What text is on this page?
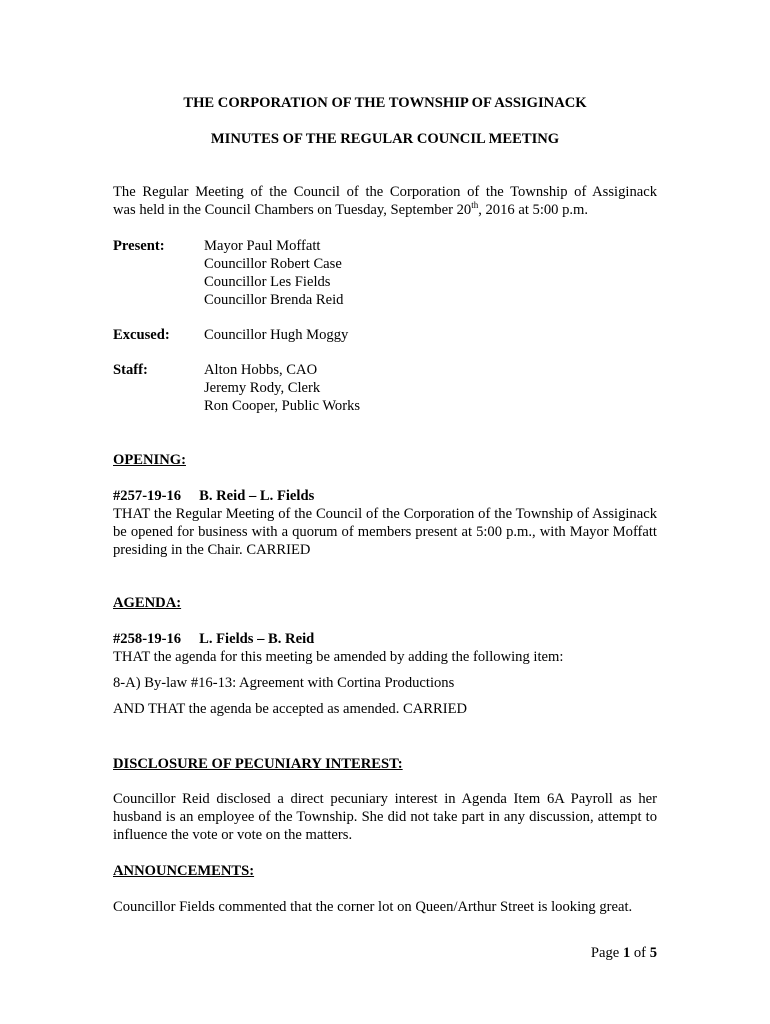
THE CORPORATION OF THE TOWNSHIP OF ASSIGINACK
MINUTES OF THE REGULAR COUNCIL MEETING
The Regular Meeting of the Council of the Corporation of the Township of Assiginack
was held in the Council Chambers on Tuesday, September 20th, 2016 at 5:00 p.m.
Present:	Mayor Paul Moffatt
Councillor Robert Case
Councillor Les Fields
Councillor Brenda Reid
Excused: Councillor Hugh Moggy
Staff:	Alton Hobbs, CAO
Jeremy Rody, Clerk
Ron Cooper, Public Works
OPENING:
#257-19-16 B. Reid – L. Fields
THAT the Regular Meeting of the Council of the Corporation of the Township of Assiginack be opened for business with a quorum of members present at 5:00 p.m., with Mayor Moffatt presiding in the Chair. CARRIED
AGENDA:
#258-19-16 L. Fields – B. Reid
THAT the agenda for this meeting be amended by adding the following item:
8-A) By-law #16-13: Agreement with Cortina Productions
AND THAT the agenda be accepted as amended. CARRIED
DISCLOSURE OF PECUNIARY INTEREST:
Councillor Reid disclosed a direct pecuniary interest in Agenda Item 6A Payroll as her husband is an employee of the Township. She did not take part in any discussion, attempt to influence the vote or vote on the matters.
ANNOUNCEMENTS:
Councillor Fields commented that the corner lot on Queen/Arthur Street is looking great.
Page 1 of 5
